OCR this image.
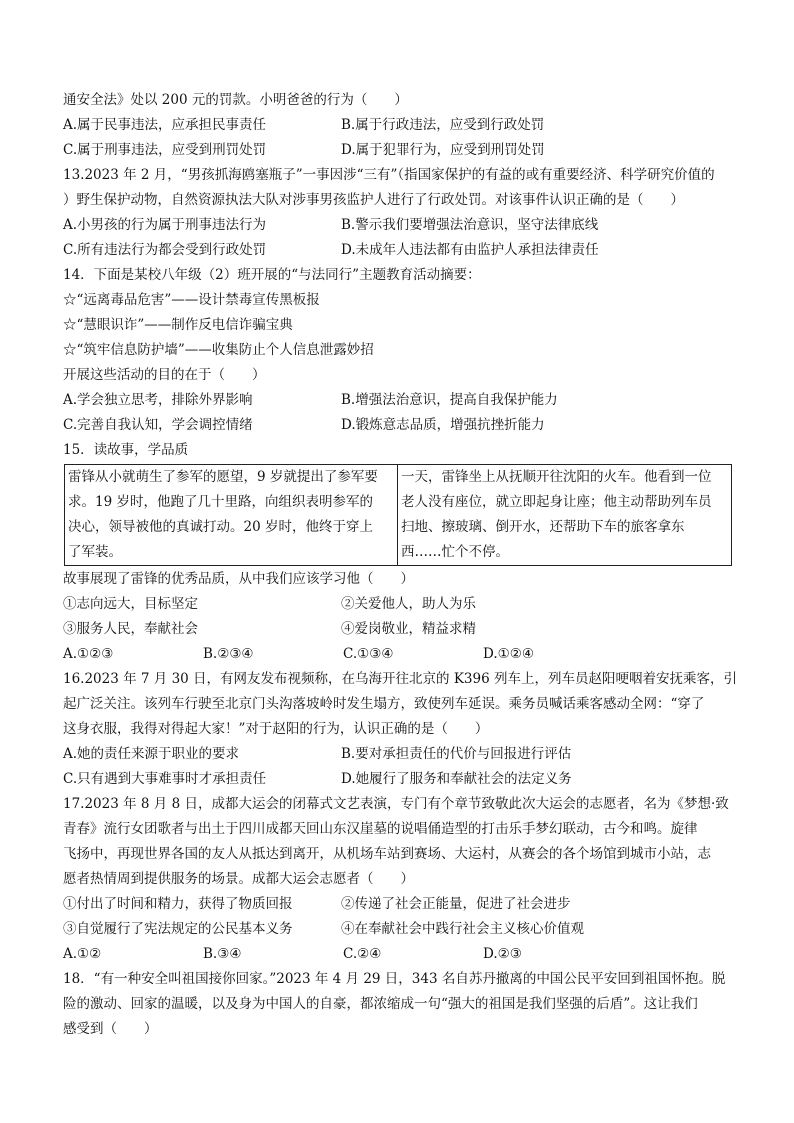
通安全法》处以 200 元的罚款。小明爸爸的行为（　　）
A.属于民事违法，应承担民事责任	B.属于行政违法，应受到行政处罚
C.属于刑事违法，应受到刑罚处罚	D.属于犯罪行为，应受到刑罚处罚
13.2023 年 2 月，“男孩抓海鸥塞瓶子”一事因涉“三有”（指国家保护的有益的或有重要经济、科学研究价值的
）野生保护动物，自然资源执法大队对涉事男孩监护人进行了行政处罚。对该事件认识正确的是（　　）
A.小男孩的行为属于刑事违法行为	B.警示我们要增强法治意识，坚守法律底线
C.所有违法行为都会受到行政处罚	D.未成年人违法都有由监护人承担法律责任
14．下面是某校八年级（2）班开展的“与法同行”主题教育活动摘要：
☆“远离毒品危害”——设计禁毒宣传黑板报
☆“慧眼识诈”——制作反电信诈骗宝典
☆“筑牢信息防护墙”——收集防止个人信息泄露妙招
开展这些活动的目的在于（　　）
A.学会独立思考，排除外界影响	B.增强法治意识，提高自我保护能力
C.完善自我认知，学会调控情绪	D.锻炼意志品质，增强抗挫折能力
15．读故事，学品质
雷锋从小就萌生了参军的愿望，9 岁就提出了参军要
求。19 岁时，他跑了几十里路，向组织表明参军的
决心，领导被他的真诚打动。20 岁时，他终于穿上
了军装。

一天，雷锋坐上从抚顺开往沈阳的火车。他看到一位
老人没有座位，就立即起身让座；他主动帮助列车员
扫地、擦玻璃、倒开水，还帮助下车的旅客拿东
西……忙个不停。
故事展现了雷锋的优秀品质，从中我们应该学习他（　　）
①志向远大，目标坚定	②关爱他人，助人为乐
③服务人民，奉献社会	④爱岗敬业，精益求精
A.①②③	B.②③④	C.①③④	D.①②④
16.2023 年 7 月 30 日，有网友发布视频称，在乌海开往北京的 K396 列车上，列车员赵阳哽咽着安抚乘客，引
起广泛关注。该列车行驶至北京门头沟落坡岭时发生塌方，致使列车延误。乘务员喊话乘客感动全网：“穿了
这身衣服，我得对得起大家！”对于赵阳的行为，认识正确的是（　　）
A.她的责任来源于职业的要求	B.要对承担责任的代价与回报进行评估
C.只有遇到大事难事时才承担责任	D.她履行了服务和奉献社会的法定义务
17.2023 年 8 月 8 日，成都大运会的闭幕式文艺表演，专门有个章节致敬此次大运会的志愿者，名为《梦想·致
青春》流行女团歌者与出土于四川成都天回山东汉崖墓的说唱俑造型的打击乐手梦幻联动，古今和鸣。旋律
飞扬中，再现世界各国的友人从抵达到离开，从机场车站到赛场、大运村，从赛会的各个场馆到城市小站，志
愿者热情周到提供服务的场景。成都大运会志愿者（　　）
①付出了时间和精力，获得了物质回报	②传递了社会正能量，促进了社会进步
③自觉履行了宪法规定的公民基本义务	④在奉献社会中践行社会主义核心价值观
A.①②	B.③④	C.②④	D.②③
18．“有一种安全叫祖国接你回家。”2023 年 4 月 29 日，343 名自苏丹撤离的中国公民平安回到祖国怀抱。脱
险的激动、回家的温暖，以及身为中国人的自豪，都浓缩成一句“强大的祖国是我们坚强的后盾”。这让我们
感受到（　　）
